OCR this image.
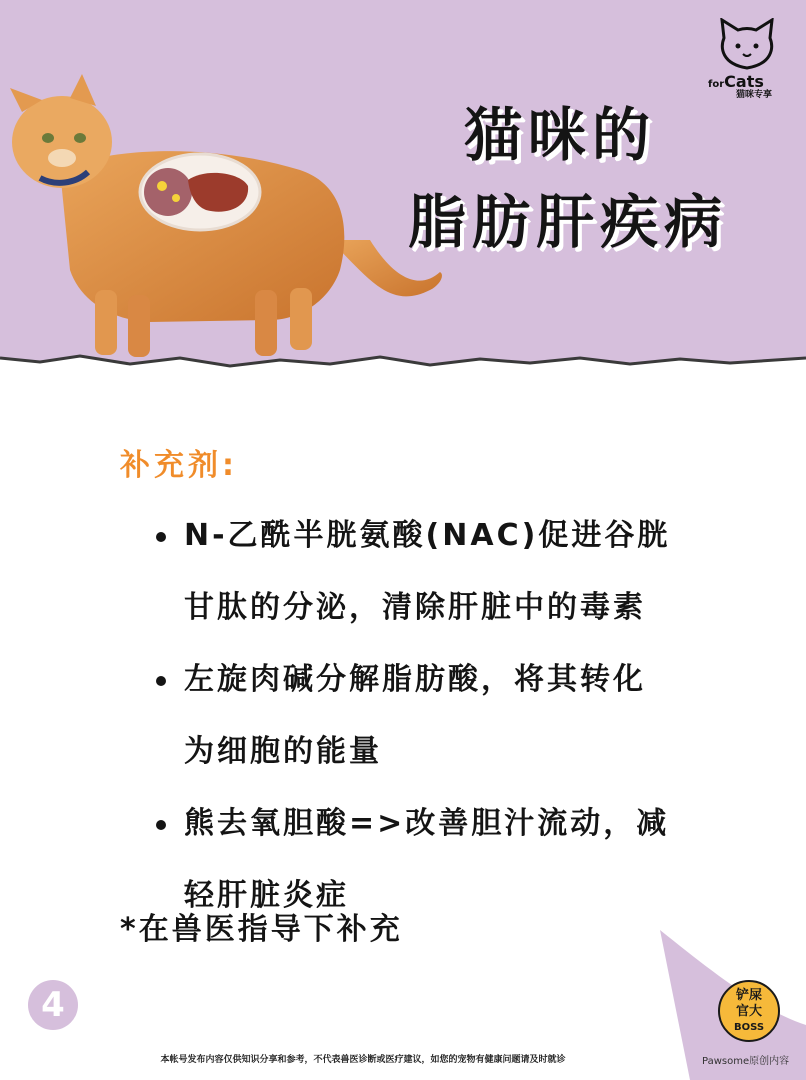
forCats
猫咪专享
猫咪的
脂肪肝疾病
补充剂:
N-乙酰半胱氨酸(NAC)促进谷胱
甘肽的分泌，清除肝脏中的毒素
左旋肉碱分解脂肪酸，将其转化
为细胞的能量
熊去氧胆酸=>改善胆汁流动，减
轻肝脏炎症
*在兽医指导下补充
4	铲屎
官大
BOSS
Pawsome原创内容
本帐号发布内容仅供知识分享和参考，不代表兽医诊断或医疗建议，如您的宠物有健康问题请及时就诊
